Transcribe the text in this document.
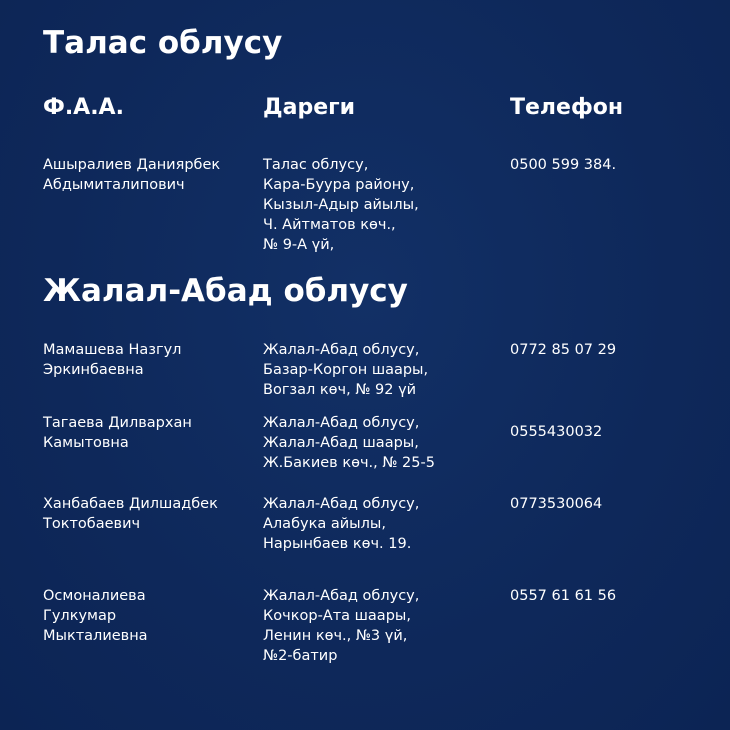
Талас облусу
Ф.А.А.	Дареги	Телефон
Ашыралиев Даниярбек
Абдымиталипович
Талас облусу,
Кара-Буура району,
Кызыл-Адыр айылы,
Ч. Айтматов көч.,
№ 9-А үй,
0500 599 384.
Жалал-Абад облусу
Мамашева Назгул
Эркинбаевна
Жалал-Абад облусу,
Базар-Коргон шаары,
Вогзал көч, № 92 үй
0772 85 07 29
Тагаева Дилвархан
Камытовна
Жалал-Абад облусу,
Жалал-Абад шаары,
Ж.Бакиев көч., № 25-5
0555430032
Ханбабаев Дилшадбек
Токтобаевич
Жалал-Абад облусу,
Алабука айылы,
Нарынбаев көч. 19.
0773530064
Осмоналиева
Гулкумар
Мыкталиевна
Жалал-Абад облусу,
Кочкор-Ата шаары,
Ленин көч., №3 үй,
№2-батир
0557 61 61 56
